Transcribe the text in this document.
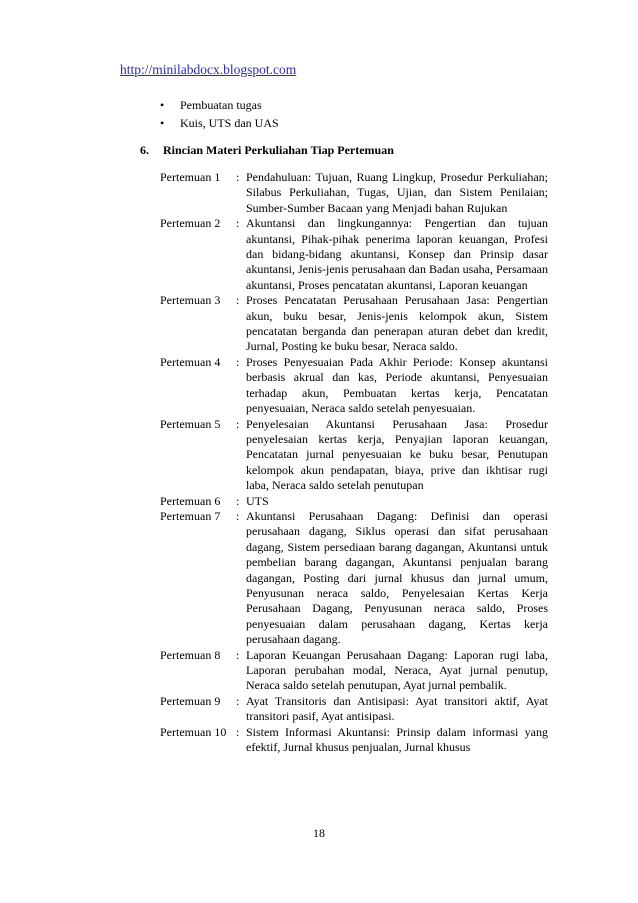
http://minilabdocx.blogspot.com
• Pembuatan tugas
• Kuis, UTS dan UAS
6. Rincian Materi Perkuliahan Tiap Pertemuan
Pertemuan 1	: Pendahuluan: Tujuan, Ruang Lingkup, Prosedur Perkuliahan; Silabus Perkuliahan, Tugas, Ujian, dan Sistem Penilaian; Sumber-Sumber Bacaan yang Menjadi bahan Rujukan
Pertemuan 2	: Akuntansi dan lingkungannya: Pengertian dan tujuan akuntansi, Pihak-pihak penerima laporan keuangan, Profesi dan bidang-bidang akuntansi, Konsep dan Prinsip dasar akuntansi, Jenis-jenis perusahaan dan Badan usaha, Persamaan akuntansi, Proses pencatatan akuntansi, Laporan keuangan
Pertemuan 3	: Proses Pencatatan Perusahaan Perusahaan Jasa: Pengertian akun, buku besar, Jenis-jenis kelompok akun, Sistem pencatatan berganda dan penerapan aturan debet dan kredit, Jurnal, Posting ke buku besar, Neraca saldo.
Pertemuan 4	: Proses Penyesuaian Pada Akhir Periode: Konsep akuntansi berbasis akrual dan kas, Periode akuntansi, Penyesuaian terhadap akun, Pembuatan kertas kerja, Pencatatan penyesuaian, Neraca saldo setelah penyesuaian.
Pertemuan 5	: Penyelesaian Akuntansi Perusahaan Jasa: Prosedur penyelesaian kertas kerja, Penyajian laporan keuangan, Pencatatan jurnal penyesuaian ke buku besar, Penutupan kelompok akun pendapatan, biaya, prive dan ikhtisar rugi laba, Neraca saldo setelah penutupan
Pertemuan 6	: UTS
Pertemuan 7	: Akuntansi Perusahaan Dagang: Definisi dan operasi perusahaan dagang, Siklus operasi dan sifat perusahaan dagang, Sistem persediaan barang dagangan, Akuntansi untuk pembelian barang dagangan, Akuntansi penjualan barang dagangan, Posting dari jurnal khusus dan jurnal umum, Penyusunan neraca saldo, Penyelesaian Kertas Kerja Perusahaan Dagang, Penyusunan neraca saldo, Proses penyesuaian dalam perusahaan dagang, Kertas kerja perusahaan dagang.
Pertemuan 8	: Laporan Keuangan Perusahaan Dagang: Laporan rugi laba, Laporan perubahan modal, Neraca, Ayat jurnal penutup, Neraca saldo setelah penutupan, Ayat jurnal pembalik.
Pertemuan 9	: Ayat Transitoris dan Antisipasi: Ayat transitori aktif, Ayat transitori pasif, Ayat antisipasi.
Pertemuan 10 : Sistem Informasi Akuntansi: Prinsip dalam informasi yang efektif, Jurnal khusus penjualan, Jurnal khusus
18
